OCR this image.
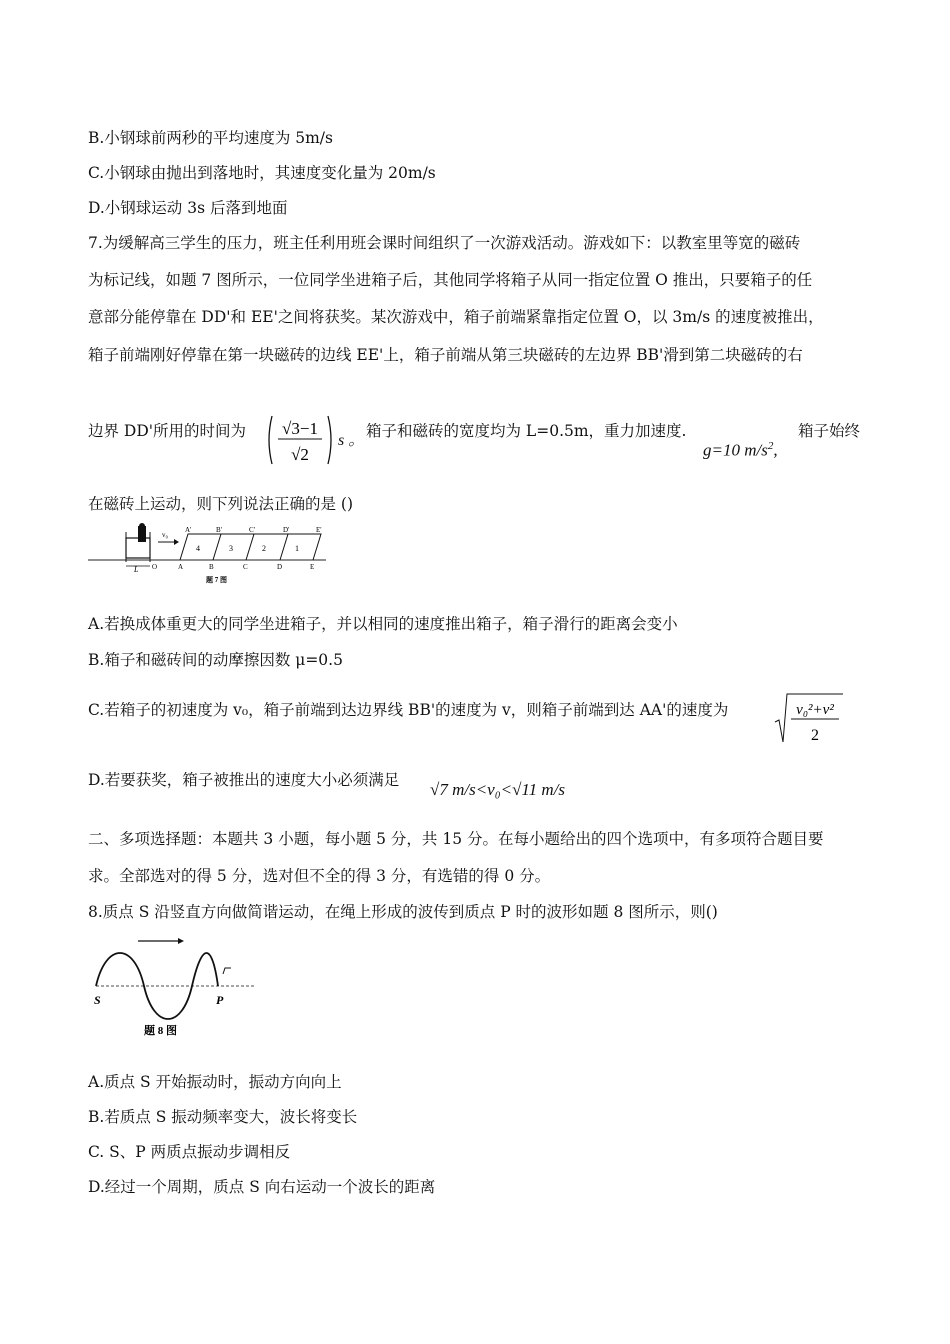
B.小钢球前两秒的平均速度为 5m/s
C.小钢球由抛出到落地时，其速度变化量为 20m/s
D.小钢球运动 3s 后落到地面
7.为缓解高三学生的压力，班主任利用班会课时间组织了一次游戏活动。游戏如下：以教室里等宽的磁砖
为标记线，如题 7 图所示，一位同学坐进箱子后，其他同学将箱子从同一指定位置 O 推出，只要箱子的任
意部分能停靠在 DD'和 EE'之间将获奖。某次游戏中，箱子前端紧靠指定位置 O，以 3m/s 的速度被推出，
箱子前端刚好停靠在第一块磁砖的边线 EE'上，箱子前端从第三块磁砖的左边界 BB'滑到第二块磁砖的右
边界 DD'所用的时间为 √3−1
√2
s 。
箱子和磁砖的宽度均为 L=0.5m，重力加速度.
g=10 $m/s^2$,
箱子始终
在磁砖上运动，则下列说法正确的是 ()
v₀
L
4	3	2	1
A'	B'	C'	D'	E'
O	A	B	C	D	E
题 7 图
A.若换成体重更大的同学坐进箱子，并以相同的速度推出箱子，箱子滑行的距离会变小
B.箱子和磁砖间的动摩擦因数 μ=0.5
C.若箱子的初速度为 v₀，箱子前端到达边界线 BB'的速度为 v，则箱子前端到达 AA'的速度为	v₀²+v²
2
D.若要获奖，箱子被推出的速度大小必须满足 √7 m/s<v₀<√11 m/s
二、多项选择题：本题共 3 小题，每小题 5 分，共 15 分。在每小题给出的四个选项中，有多项符合题目要
求。全部选对的得 5 分，选对但不全的得 3 分，有选错的得 0 分。
8.质点 S 沿竖直方向做简谐运动，在绳上形成的波传到质点 P 时的波形如题 8 图所示，则()
S	P
题 8 图
A.质点 S 开始振动时，振动方向向上
B.若质点 S 振动频率变大，波长将变长
C. S、P 两质点振动步调相反
D.经过一个周期，质点 S 向右运动一个波长的距离
